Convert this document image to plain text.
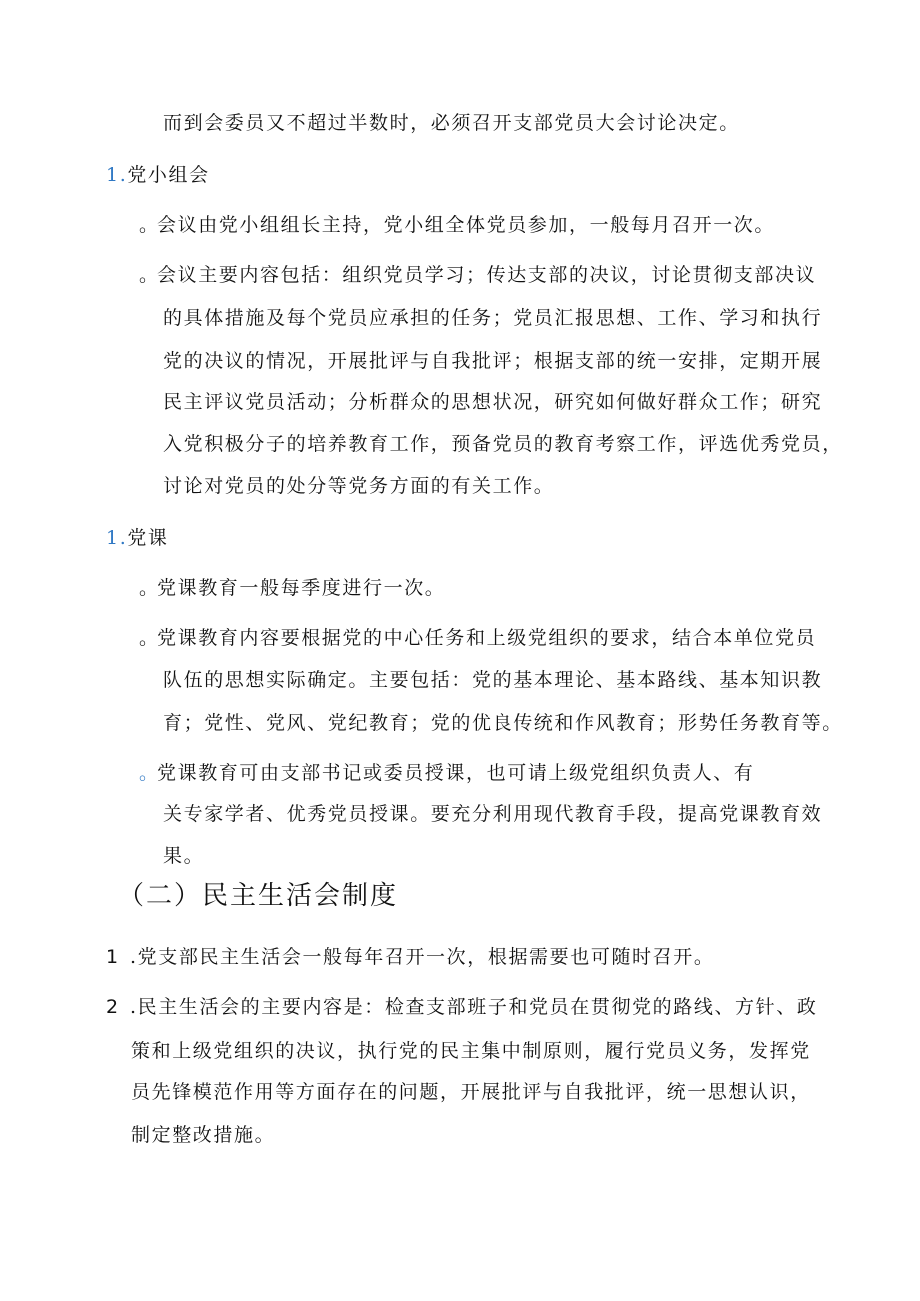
而到会委员又不超过半数时，必须召开支部党员大会讨论决定。
1.党小组会
。会议由党小组组长主持，党小组全体党员参加，一般每月召开一次。
。会议主要内容包括：组织党员学习；传达支部的决议，讨论贯彻支部决议
的具体措施及每个党员应承担的任务；党员汇报思想、工作、学习和执行
党的决议的情况，开展批评与自我批评；根据支部的统一安排，定期开展
民主评议党员活动；分析群众的思想状况，研究如何做好群众工作；研究
入党积极分子的培养教育工作，预备党员的教育考察工作，评选优秀党员，
讨论对党员的处分等党务方面的有关工作。
1.党课
。党课教育一般每季度进行一次。
。党课教育内容要根据党的中心任务和上级党组织的要求，结合本单位党员
队伍的思想实际确定。主要包括：党的基本理论、基本路线、基本知识教
育；党性、党风、党纪教育；党的优良传统和作风教育；形势任务教育等。
。党课教育可由支部书记或委员授课，也可请上级党组织负责人、有
关专家学者、优秀党员授课。要充分利用现代教育手段，提高党课教育效
果。
（二）民主生活会制度
1 .党支部民主生活会一般每年召开一次，根据需要也可随时召开。
2 .民主生活会的主要内容是：检查支部班子和党员在贯彻党的路线、方针、政
策和上级党组织的决议，执行党的民主集中制原则，履行党员义务，发挥党
员先锋模范作用等方面存在的问题，开展批评与自我批评，统一思想认识，
制定整改措施。
